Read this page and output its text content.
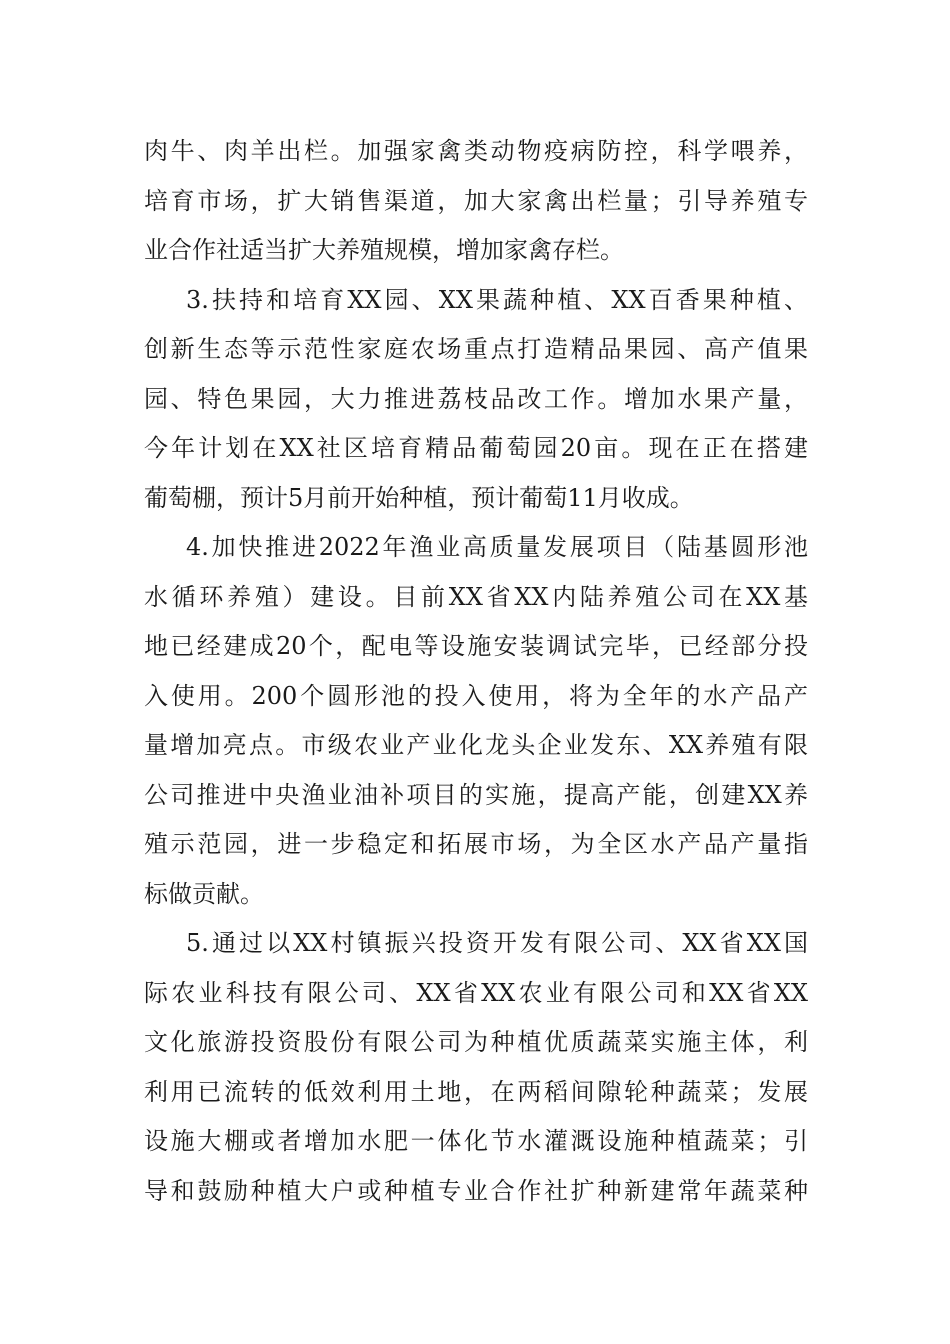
肉牛、肉羊出栏。加强家禽类动物疫病防控，科学喂养，
培育市场，扩大销售渠道，加大家禽出栏量；引导养殖专
业合作社适当扩大养殖规模，增加家禽存栏。
3.扶持和培育XX园、XX果蔬种植、XX百香果种植、
创新生态等示范性家庭农场重点打造精品果园、高产值果
园、特色果园，大力推进荔枝品改工作。增加水果产量，
今年计划在XX社区培育精品葡萄园20亩。现在正在搭建
葡萄棚，预计5月前开始种植，预计葡萄11月收成。
4.加快推进2022年渔业高质量发展项目（陆基圆形池
水循环养殖）建设。目前XX省XX内陆养殖公司在XX基
地已经建成20个，配电等设施安装调试完毕，已经部分投
入使用。200个圆形池的投入使用，将为全年的水产品产
量增加亮点。市级农业产业化龙头企业发东、XX养殖有限
公司推进中央渔业油补项目的实施，提高产能，创建XX养
殖示范园，进一步稳定和拓展市场，为全区水产品产量指
标做贡献。
5.通过以XX村镇振兴投资开发有限公司、XX省XX国
际农业科技有限公司、XX省XX农业有限公司和XX省XX
文化旅游投资股份有限公司为种植优质蔬菜实施主体，利
利用已流转的低效利用土地，在两稻间隙轮种蔬菜；发展
设施大棚或者增加水肥一体化节水灌溉设施种植蔬菜；引
导和鼓励种植大户或种植专业合作社扩种新建常年蔬菜种
